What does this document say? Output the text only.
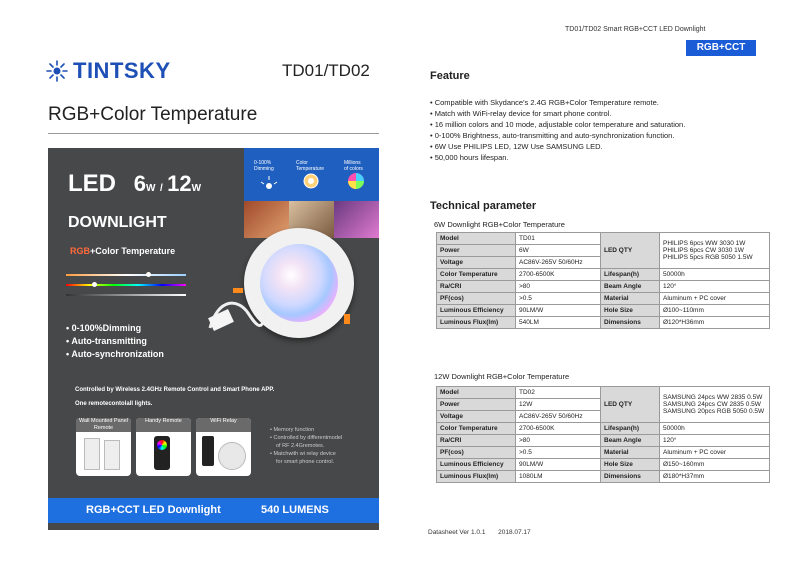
TD01/TD02 Smart RGB+CCT LED Downlight
RGB+CCT
TINTSKY	TD01/TD02
RGB+Color Temperature
LED 6W / 12W
DOWNLIGHT
RGB+Color Temperature
0-100%
Dimming
Color
Temperature
Millions
of colors
• 0-100%Dimming
• Auto-transmitting
• Auto-synchronization
Controlled by Wireless 2.4GHz Remote Control and Smart Phone APP.
One remotecontolall lights.
Wall Mounted Panel Remote
Handy Remote	WiFi Relay
• Memory function
• Controlled by differentmodel
of RF 2.4Gremotes.
• Matchwith wi relay device
for smart phone control.
RGB+CCT LED Downlight	540 LUMENS
Feature
• Compatible with Skydance's 2.4G RGB+Color Temperature remote.
• Match with WiFi-relay device for smart phone control.
• 16 million colors and 10 mode, adjustable color temperature and saturation.
• 0-100% Brightness, auto-transmitting and auto-synchronization function.
• 6W Use PHILIPS LED, 12W Use SAMSUNG LED.
• 50,000 hours lifespan.
Technical parameter
6W Downlight RGB+Color Temperature
Model	TD01	LED QTY	PHILIPS 6pcs WW 3030 1W
PHILIPS 6pcs CW 3030 1W
PHILIPS 5pcs RGB 5050 1.5W

Power	6W		
Voltage	AC86V-265V 50/60Hz		
Color Temperature	2700-6500K	Lifespan(h)	50000h
Ra/CRI	>80	Beam Angle	120°
PF(cos)	>0.5	Material	Aluminum + PC cover
Luminous Efficiency	90LM/W	Hole Size	Ø100~110mm
Luminous Flux(lm)	540LM	Dimensions	Ø120*H36mm
12W Downlight RGB+Color Temperature
Model	TD02	LED QTY	SAMSUNG 24pcs WW 2835 0.5W
SAMSUNG 24pcs CW 2835 0.5W
SAMSUNG 20pcs RGB 5050 0.5W

Power	12W		
Voltage	AC86V-265V 50/60Hz		
Color Temperature	2700-6500K	Lifespan(h)	50000h
Ra/CRI	>80	Beam Angle	120°
PF(cos)	>0.5	Material	Aluminum + PC cover
Luminous Efficiency	90LM/W	Hole Size	Ø150~160mm
Luminous Flux(lm)	1080LM	Dimensions	Ø180*H37mm
Datasheet Ver 1.0.1 2018.07.17
